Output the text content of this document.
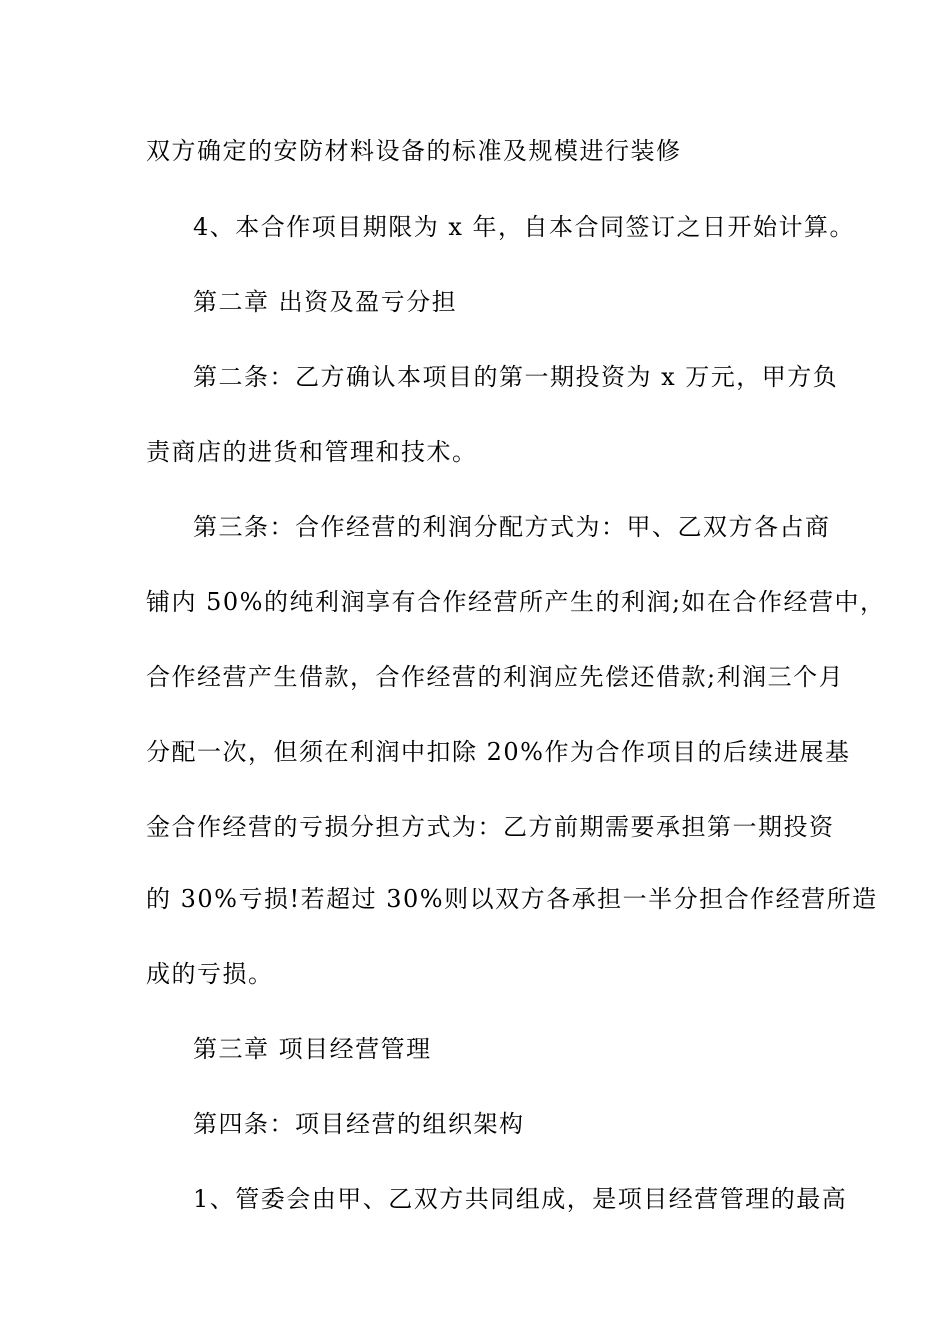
双方确定的安防材料设备的标准及规模进行装修
4、本合作项目期限为 x 年，自本合同签订之日开始计算。
第二章 出资及盈亏分担
第二条：乙方确认本项目的第一期投资为 x 万元，甲方负
责商店的进货和管理和技术。
第三条：合作经营的利润分配方式为：甲、乙双方各占商
铺内 50%的纯利润享有合作经营所产生的利润;如在合作经营中，
合作经营产生借款，合作经营的利润应先偿还借款;利润三个月
分配一次，但须在利润中扣除 20%作为合作项目的后续进展基
金合作经营的亏损分担方式为：乙方前期需要承担第一期投资
的 30%亏损!若超过 30%则以双方各承担一半分担合作经营所造
成的亏损。
第三章 项目经营管理
第四条：项目经营的组织架构
1、管委会由甲、乙双方共同组成，是项目经营管理的最高
